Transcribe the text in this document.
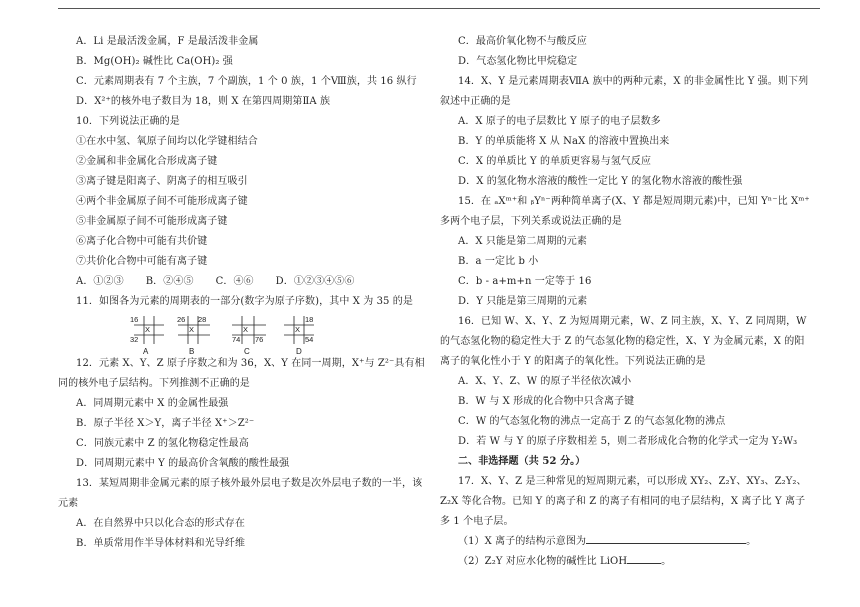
A．Li 是最活泼金属，F 是最活泼非金属
B．Mg(OH)₂ 碱性比 Ca(OH)₂ 强
C．元素周期表有 7 个主族，7 个副族，1 个 0 族，1 个Ⅷ族，共 16 纵行
D．X²⁺的核外电子数目为 18，则 X 在第四周期第ⅡA 族
10．下列说法正确的是
①在水中氢、氧原子间均以化学键相结合
②金属和非金属化合形成离子键
③离子键是阳离子、阴离子的相互吸引
④两个非金属原子间不可能形成离子键
⑤非金属原子间不可能形成离子键
⑥离子化合物中可能有共价键
⑦共价化合物中可能有离子键
A．①②③ B．②④⑤ C．④⑥ D．①②③④⑤⑥
11．如图各为元素的周期表的一部分(数字为原子序数)，其中 X 为 35 的是
16
X
32
A
26 28
X
B
X
74 76
C
18
X
54
D
12．元素 X、Y、Z 原子序数之和为 36，X、Y 在同一周期，X⁺与 Z²⁻具有相
同的核外电子层结构。下列推测不正确的是
A．同周期元素中 X 的金属性最强
B．原子半径 X＞Y，离子半径 X⁺＞Z²⁻
C．同族元素中 Z 的氢化物稳定性最高
D．同周期元素中 Y 的最高价含氧酸的酸性最强
13．某短周期非金属元素的原子核外最外层电子数是次外层电子数的一半，该
元素
A．在自然界中只以化合态的形式存在
B．单质常用作半导体材料和光导纤维
C．最高价氧化物不与酸反应
D．气态氢化物比甲烷稳定
14．X、Y 是元素周期表ⅦA 族中的两种元素，X 的非金属性比 Y 强。则下列
叙述中正确的是
A．X 原子的电子层数比 Y 原子的电子层数多
B．Y 的单质能将 X 从 NaX 的溶液中置换出来
C．X 的单质比 Y 的单质更容易与氢气反应
D．X 的氢化物水溶液的酸性一定比 Y 的氢化物水溶液的酸性强
15．在 ₐXᵐ⁺和 ᵦYⁿ⁻两种简单离子(X、Y 都是短周期元素)中，已知 Yⁿ⁻比 Xᵐ⁺
多两个电子层，下列关系或说法正确的是
A．X 只能是第二周期的元素
B．a 一定比 b 小
C．b - a+m+n 一定等于 16
D．Y 只能是第三周期的元素
16．已知 W、X、Y、Z 为短周期元素，W、Z 同主族，X、Y、Z 同周期，W
的气态氢化物的稳定性大于 Z 的气态氢化物的稳定性，X、Y 为金属元素，X 的阳
离子的氧化性小于 Y 的阳离子的氧化性。下列说法正确的是
A．X、Y、Z、W 的原子半径依次减小
B．W 与 X 形成的化合物中只含离子键
C．W 的气态氢化物的沸点一定高于 Z 的气态氢化物的沸点
D．若 W 与 Y 的原子序数相差 5，则二者形成化合物的化学式一定为 Y₂W₃
二、非选择题（共 52 分。）
17．X、Y、Z 是三种常见的短周期元素，可以形成 XY₂、Z₂Y、XY₃、Z₂Y₂、
Z₂X 等化合物。已知 Y 的离子和 Z 的离子有相同的电子层结构，X 离子比 Y 离子
多 1 个电子层。
（1）X 离子的结构示意图为	。
（2）Z₂Y 对应水化物的碱性比 LiOH	。
